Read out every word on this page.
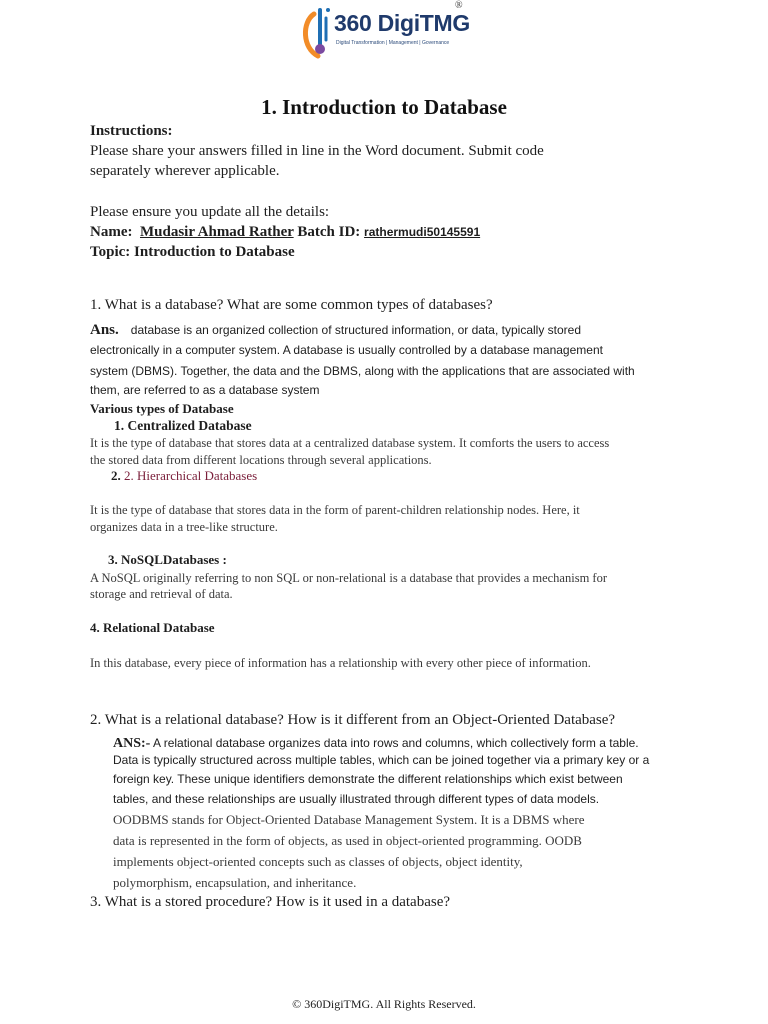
360 DigiTMG
®
Digital Transformation | Management | Governance
1. Introduction to Database
Instructions:
Please share your answers filled in line in the Word document. Submit code
separately wherever applicable.
Please ensure you update all the details:
Name: Mudasir Ahmad Rather Batch ID: rathermudi50145591
Topic: Introduction to Database
1. What is a database? What are some common types of databases?
Ans. database is an organized collection of structured information, or data, typically stored
electronically in a computer system. A database is usually controlled by a database management
system (DBMS). Together, the data and the DBMS, along with the applications that are associated with
them, are referred to as a database system
Various types of Database
1. Centralized Database
It is the type of database that stores data at a centralized database system. It comforts the users to access
the stored data from different locations through several applications.
2. 2. Hierarchical Databases
It is the type of database that stores data in the form of parent-children relationship nodes. Here, it
organizes data in a tree-like structure.
3. NoSQLDatabases :
A NoSQL originally referring to non SQL or non-relational is a database that provides a mechanism for
storage and retrieval of data.
4. Relational Database
In this database, every piece of information has a relationship with every other piece of information.
2. What is a relational database? How is it different from an Object-Oriented Database?
ANS:- A relational database organizes data into rows and columns, which collectively form a table.
Data is typically structured across multiple tables, which can be joined together via a primary key or a
foreign key. These unique identifiers demonstrate the different relationships which exist between
tables, and these relationships are usually illustrated through different types of data models.
OODBMS stands for Object-Oriented Database Management System. It is a DBMS where
data is represented in the form of objects, as used in object-oriented programming. OODB
implements object-oriented concepts such as classes of objects, object identity,
polymorphism, encapsulation, and inheritance.
3. What is a stored procedure? How is it used in a database?
© 360DigiTMG. All Rights Reserved.
